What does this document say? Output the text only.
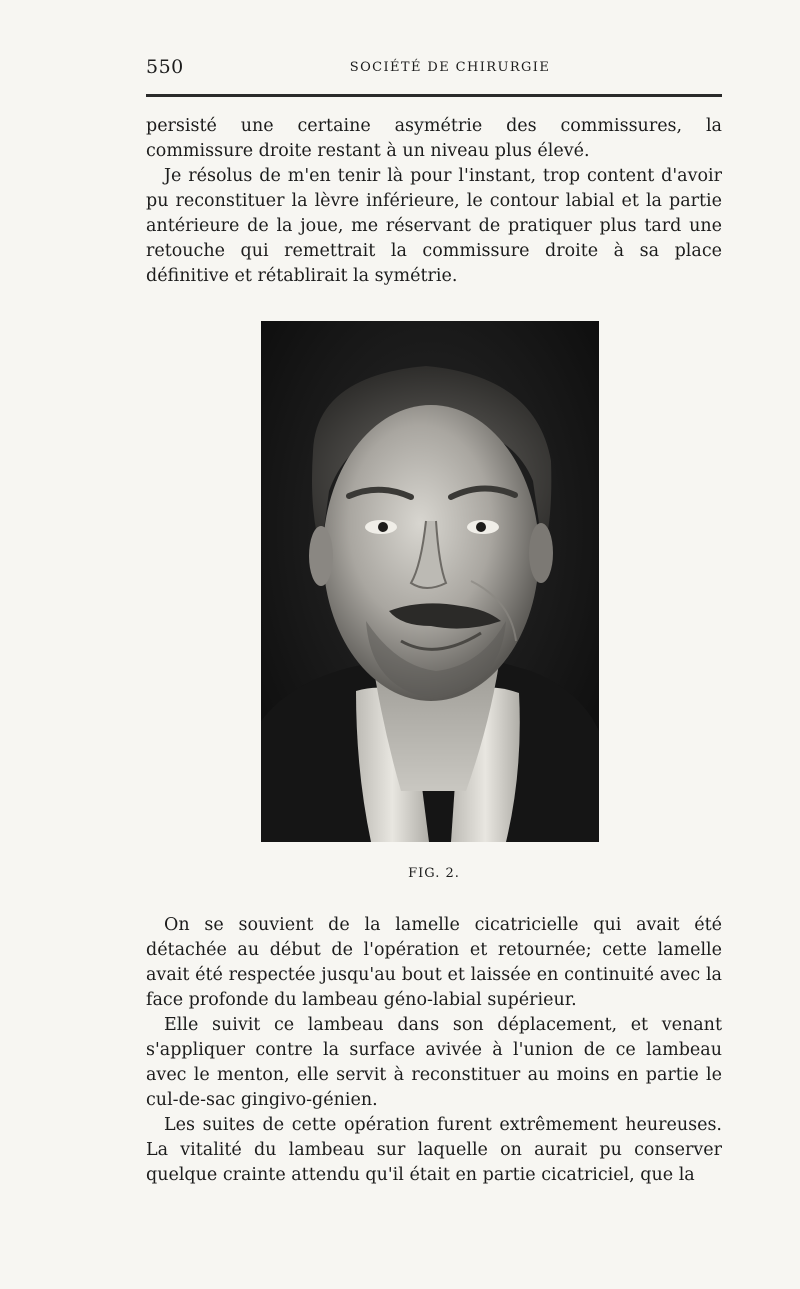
550	SOCIÉTÉ DE CHIRURGIE

persisté une certaine asymétrie des commissures, la commissure droite restant à un niveau plus élevé.

Je résolus de m'en tenir là pour l'instant, trop content d'avoir pu reconstituer la lèvre inférieure, le contour labial et la partie antérieure de la joue, me réservant de pratiquer plus tard une retouche qui remettrait la commissure droite à sa place définitive et rétablirait la symétrie.

FIG. 2.

On se souvient de la lamelle cicatricielle qui avait été détachée au début de l'opération et retournée; cette lamelle avait été respectée jusqu'au bout et laissée en continuité avec la face profonde du lambeau géno-labial supérieur.

Elle suivit ce lambeau dans son déplacement, et venant s'appliquer contre la surface avivée à l'union de ce lambeau avec le menton, elle servit à reconstituer au moins en partie le cul-de-sac gingivo-génien.

Les suites de cette opération furent extrêmement heureuses. La vitalité du lambeau sur laquelle on aurait pu conserver quelque crainte attendu qu'il était en partie cicatriciel, que la
